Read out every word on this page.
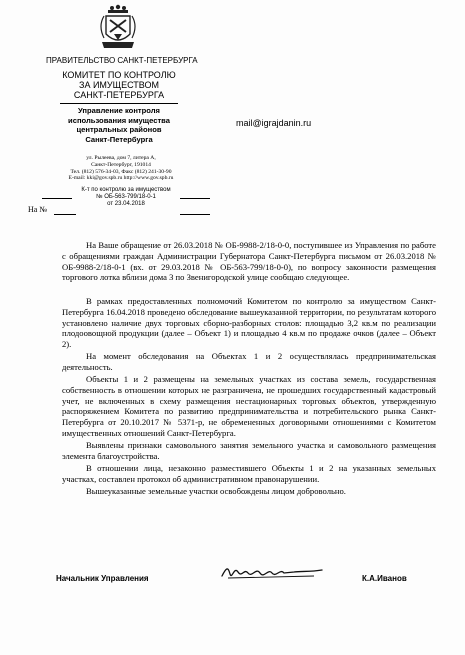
ПРАВИТЕЛЬСТВО САНКТ-ПЕТЕРБУРГА
КОМИТЕТ ПО КОНТРОЛЮ
ЗА ИМУЩЕСТВОМ
САНКТ-ПЕТЕРБУРГА
Управление контроля
использования имущества
центральных районов
Санкт-Петербурга
ул. Рылеева, дом 7, литера А,
Санкт-Петербург, 191014
Тел. (812) 576-34-03, Факс (812) 241-30-90
E-mail: kki@gov.spb.ru http://www.gov.spb.ru
К-т по контролю за имуществом
№ ОБ-563-799/18-0-1
от 23.04.2018
На №
mail@igrajdanin.ru
На Ваше обращение от 26.03.2018 № ОБ-9988-2/18-0-0, поступившее из Управления по работе с обращениями граждан Администрации Губернатора Санкт-Петербурга письмом от 26.03.2018 № ОБ-9988-2/18-0-1 (вх. от 29.03.2018 № ОБ-563-799/18-0-0), по вопросу законности размещения торгового лотка вблизи дома 3 по Звенигородской улице сообщаю следующее.
В рамках предоставленных полномочий Комитетом по контролю за имуществом Санкт-Петербурга 16.04.2018 проведено обследование вышеуказанной территории, по результатам которого установлено наличие двух торговых сборно-разборных столов: площадью 3,2 кв.м по реализации плодоовощной продукции (далее – Объект 1) и площадью 4 кв.м по продаже очков (далее – Объект 2).
На момент обследования на Объектах 1 и 2 осуществлялась предпринимательская деятельность.
Объекты 1 и 2 размещены на земельных участках из состава земель, государственная собственность в отношении которых не разграничена, не прошедших государственный кадастровый учет, не включенных в схему размещения нестационарных торговых объектов, утвержденную распоряжением Комитета по развитию предпринимательства и потребительского рынка Санкт-Петербурга от 20.10.2017 № 5371-р, не обремененных договорными отношениями с Комитетом имущественных отношений Санкт-Петербурга.
Выявлены признаки самовольного занятия земельного участка и самовольного размещения элемента благоустройства.
В отношении лица, незаконно разместившего Объекты 1 и 2 на указанных земельных участках, составлен протокол об административном правонарушении.
Вышеуказанные земельные участки освобождены лицом добровольно.
Начальник Управления	К.А.Иванов
